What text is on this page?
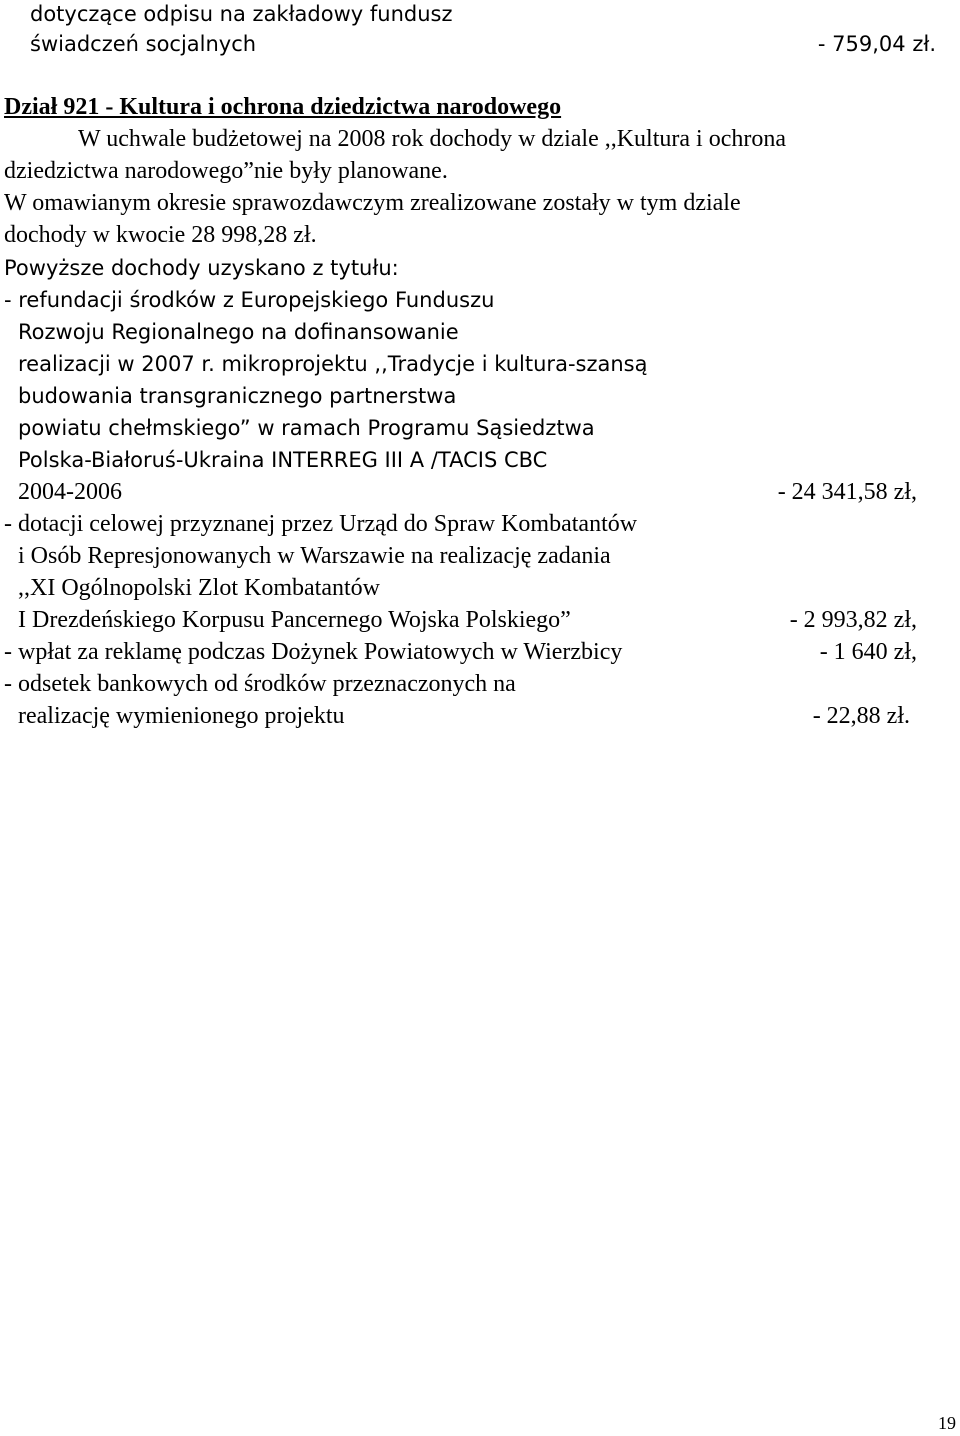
dotyczące odpisu na zakładowy fundusz
świadczeń socjalnych	- 759,04 zł.
Dział 921 - Kultura i ochrona dziedzictwa narodowego
W uchwale budżetowej na 2008 rok dochody w dziale ,,Kultura i ochrona
dziedzictwa narodowego”nie były planowane.
W omawianym okresie sprawozdawczym zrealizowane zostały w tym dziale
dochody w kwocie 28 998,28 zł.
Powyższe dochody uzyskano z tytułu:
- refundacji środków z Europejskiego Funduszu
Rozwoju Regionalnego na dofinansowanie
realizacji w 2007 r. mikroprojektu ,,Tradycje i kultura-szansą
budowania transgranicznego partnerstwa
powiatu chełmskiego” w ramach Programu Sąsiedztwa
Polska-Białoruś-Ukraina INTERREG III A /TACIS CBC
2004-2006	- 24 341,58 zł,
- dotacji celowej przyznanej przez Urząd do Spraw Kombatantów
i Osób Represjonowanych w Warszawie na realizację zadania
,,XI Ogólnopolski Zlot Kombatantów
I Drezdeńskiego Korpusu Pancernego Wojska Polskiego”	- 2 993,82 zł,
- wpłat za reklamę podczas Dożynek Powiatowych w Wierzbicy	- 1 640 zł,
- odsetek bankowych od środków przeznaczonych na
realizację wymienionego projektu	- 22,88 zł.
19
